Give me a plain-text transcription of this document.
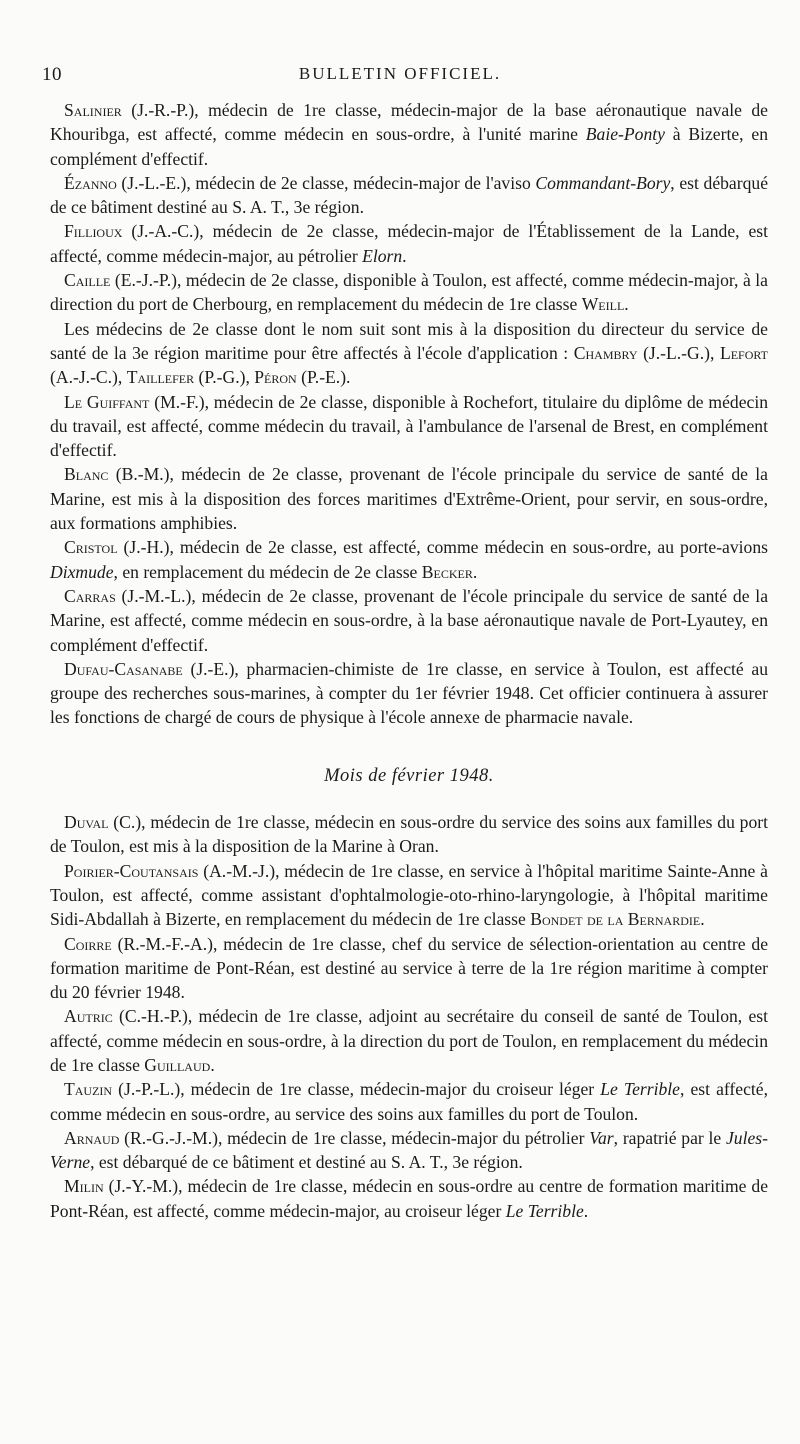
10	BULLETIN OFFICIEL.

Salinier (J.-R.-P.), médecin de 1re classe, médecin-major de la base aéronautique navale de Khouribga, est affecté, comme médecin en sous-ordre, à l'unité marine Baie-Ponty à Bizerte, en complément d'effectif.

Ézanno (J.-L.-E.), médecin de 2e classe, médecin-major de l'aviso Commandant-Bory, est débarqué de ce bâtiment destiné au S. A. T., 3e région.

Fillioux (J.-A.-C.), médecin de 2e classe, médecin-major de l'Établissement de la Lande, est affecté, comme médecin-major, au pétrolier Elorn.

Caille (E.-J.-P.), médecin de 2e classe, disponible à Toulon, est affecté, comme médecin-major, à la direction du port de Cherbourg, en remplacement du médecin de 1re classe Weill.

Les médecins de 2e classe dont le nom suit sont mis à la disposition du directeur du service de santé de la 3e région maritime pour être affectés à l'école d'application : Chambry (J.-L.-G.), Lefort (A.-J.-C.), Taillefer (P.-G.), Péron (P.-E.).

Le Guiffant (M.-F.), médecin de 2e classe, disponible à Rochefort, titulaire du diplôme de médecin du travail, est affecté, comme médecin du travail, à l'ambulance de l'arsenal de Brest, en complément d'effectif.

Blanc (B.-M.), médecin de 2e classe, provenant de l'école principale du service de santé de la Marine, est mis à la disposition des forces maritimes d'Extrême-Orient, pour servir, en sous-ordre, aux formations amphibies.

Cristol (J.-H.), médecin de 2e classe, est affecté, comme médecin en sous-ordre, au porte-avions Dixmude, en remplacement du médecin de 2e classe Becker.

Carras (J.-M.-L.), médecin de 2e classe, provenant de l'école principale du service de santé de la Marine, est affecté, comme médecin en sous-ordre, à la base aéronautique navale de Port-Lyautey, en complément d'effectif.

Dufau-Casanabe (J.-E.), pharmacien-chimiste de 1re classe, en service à Toulon, est affecté au groupe des recherches sous-marines, à compter du 1er février 1948. Cet officier continuera à assurer les fonctions de chargé de cours de physique à l'école annexe de pharmacie navale.

Mois de février 1948.

Duval (C.), médecin de 1re classe, médecin en sous-ordre du service des soins aux familles du port de Toulon, est mis à la disposition de la Marine à Oran.

Poirier-Coutansais (A.-M.-J.), médecin de 1re classe, en service à l'hôpital maritime Sainte-Anne à Toulon, est affecté, comme assistant d'ophtalmologie-oto-rhino-laryngologie, à l'hôpital maritime Sidi-Abdallah à Bizerte, en remplacement du médecin de 1re classe Bondet de la Bernardie.

Coirre (R.-M.-F.-A.), médecin de 1re classe, chef du service de sélection-orientation au centre de formation maritime de Pont-Réan, est destiné au service à terre de la 1re région maritime à compter du 20 février 1948.

Autric (C.-H.-P.), médecin de 1re classe, adjoint au secrétaire du conseil de santé de Toulon, est affecté, comme médecin en sous-ordre, à la direction du port de Toulon, en remplacement du médecin de 1re classe Guillaud.

Tauzin (J.-P.-L.), médecin de 1re classe, médecin-major du croiseur léger Le Terrible, est affecté, comme médecin en sous-ordre, au service des soins aux familles du port de Toulon.

Arnaud (R.-G.-J.-M.), médecin de 1re classe, médecin-major du pétrolier Var, rapatrié par le Jules-Verne, est débarqué de ce bâtiment et destiné au S. A. T., 3e région.

Milin (J.-Y.-M.), médecin de 1re classe, médecin en sous-ordre au centre de formation maritime de Pont-Réan, est affecté, comme médecin-major, au croiseur léger Le Terrible.
